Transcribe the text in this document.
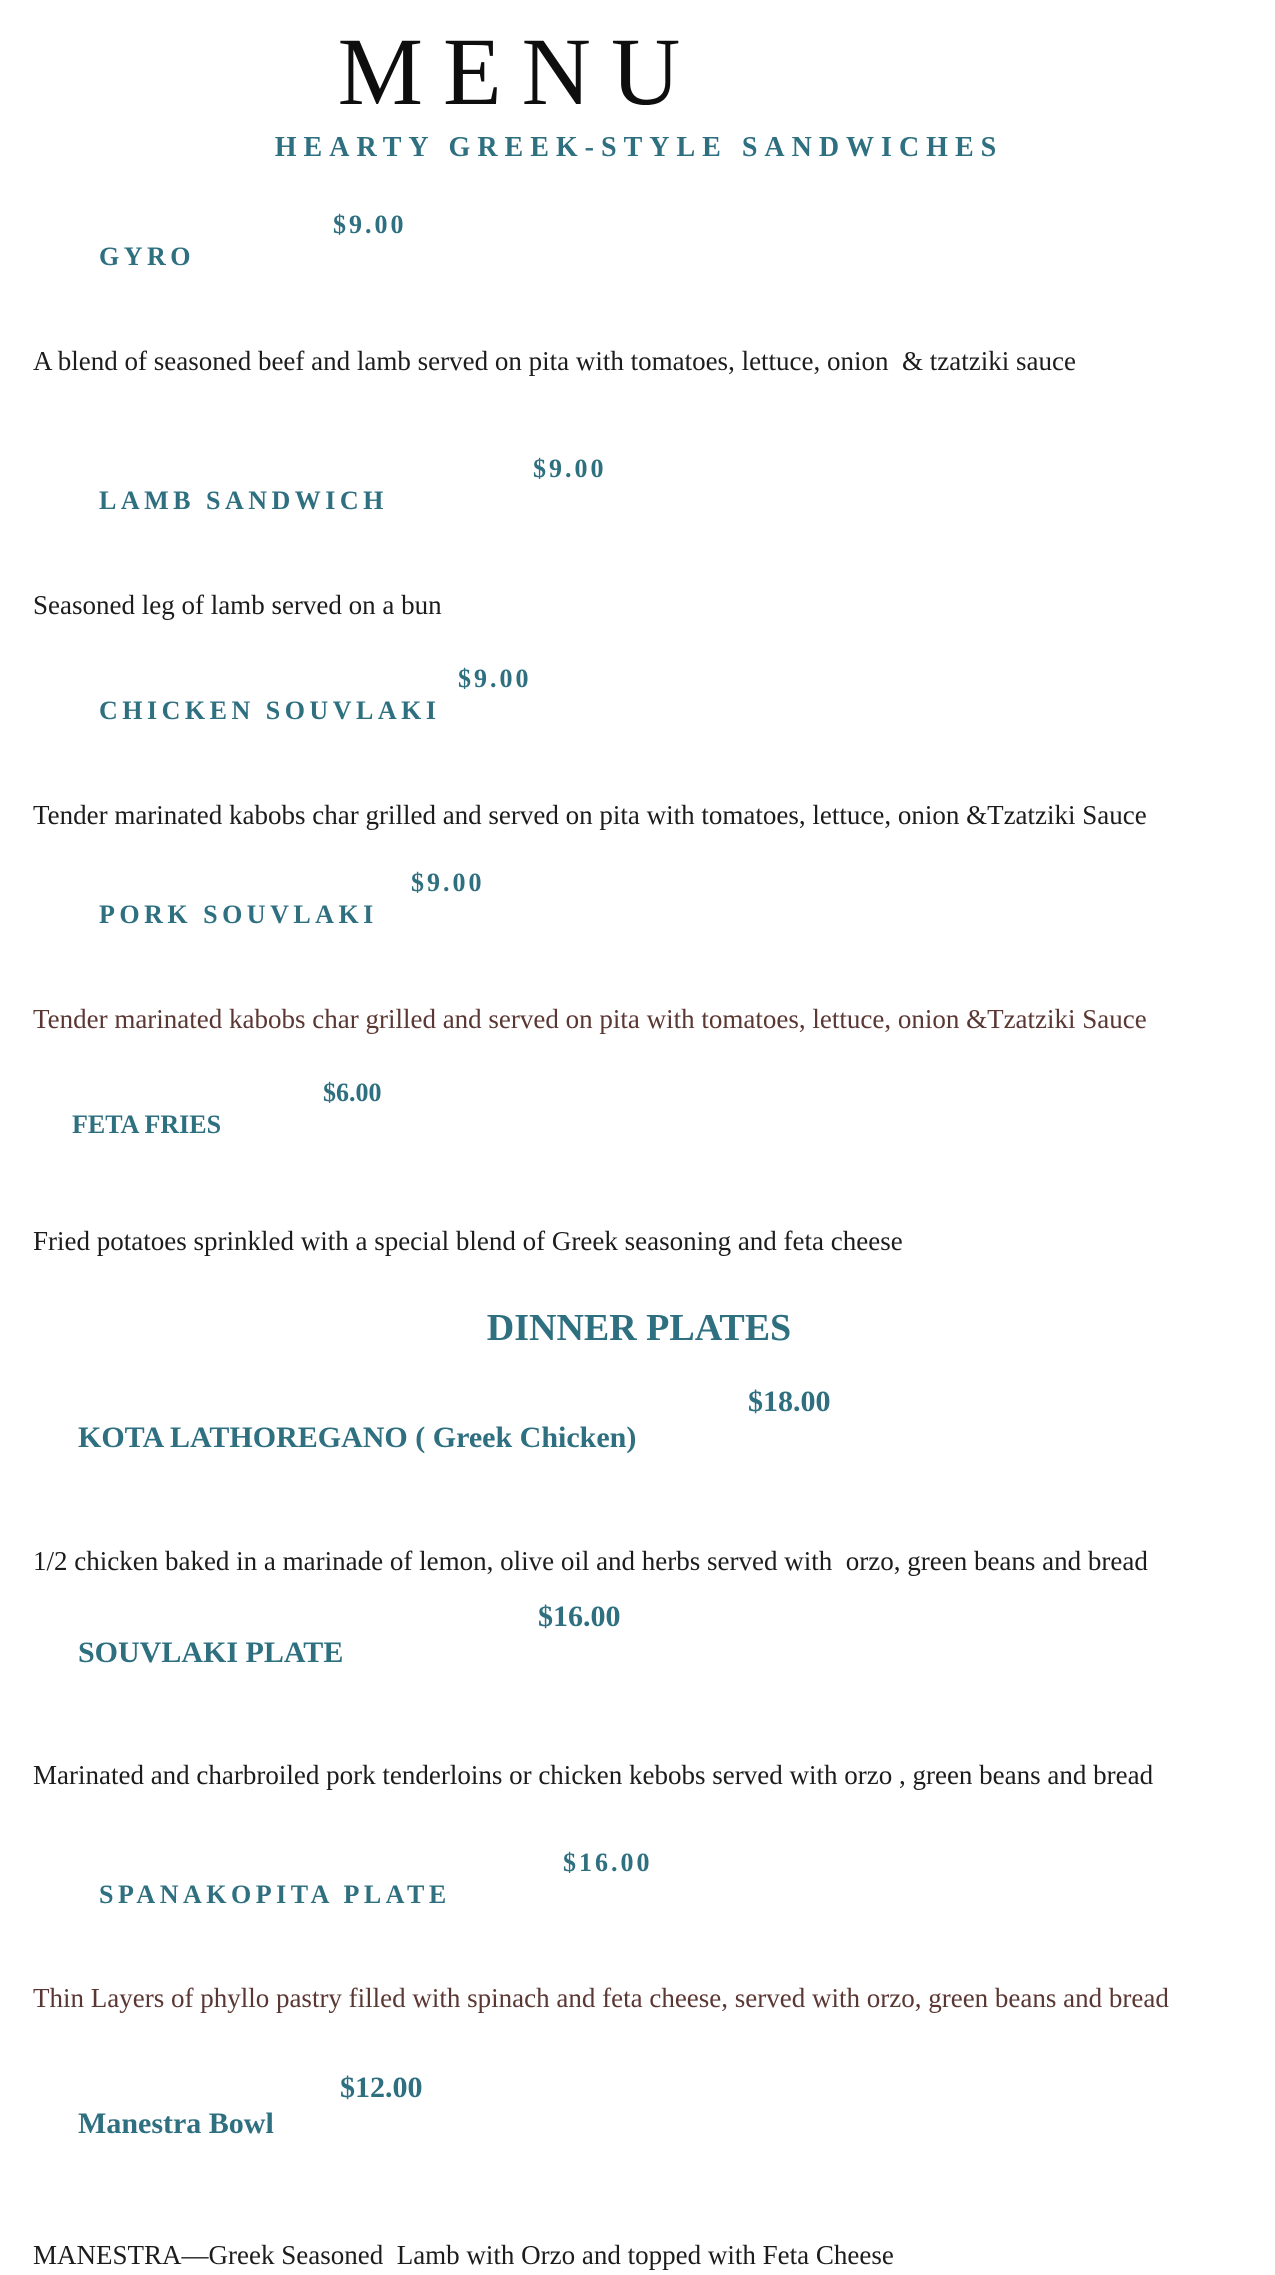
MENU
HEARTY GREEK-STYLE SANDWICHES

GYRO

$9.00

A blend of seasoned beef and lamb served on pita with tomatoes, lettuce, onion  & tzatziki sauce

LAMB SANDWICH

$9.00

Seasoned leg of lamb served on a bun

CHICKEN SOUVLAKI

$9.00

Tender marinated kabobs char grilled and served on pita with tomatoes, lettuce, onion &Tzatziki Sauce

PORK SOUVLAKI

$9.00

Tender marinated kabobs char grilled and served on pita with tomatoes, lettuce, onion &Tzatziki Sauce

FETA FRIES

$6.00

Fried potatoes sprinkled with a special blend of Greek seasoning and feta cheese

DINNER PLATES

KOTA LATHOREGANO ( Greek Chicken)

$18.00

1/2 chicken baked in a marinade of lemon, olive oil and herbs served with  orzo, green beans and bread

SOUVLAKI PLATE

$16.00

Marinated and charbroiled pork tenderloins or chicken kebobs served with orzo , green beans and bread

SPANAKOPITA PLATE

$16.00

Thin Layers of phyllo pastry filled with spinach and feta cheese, served with orzo, green beans and bread

Manestra Bowl

$12.00

MANESTRA—Greek Seasoned  Lamb with Orzo and topped with Feta Cheese
